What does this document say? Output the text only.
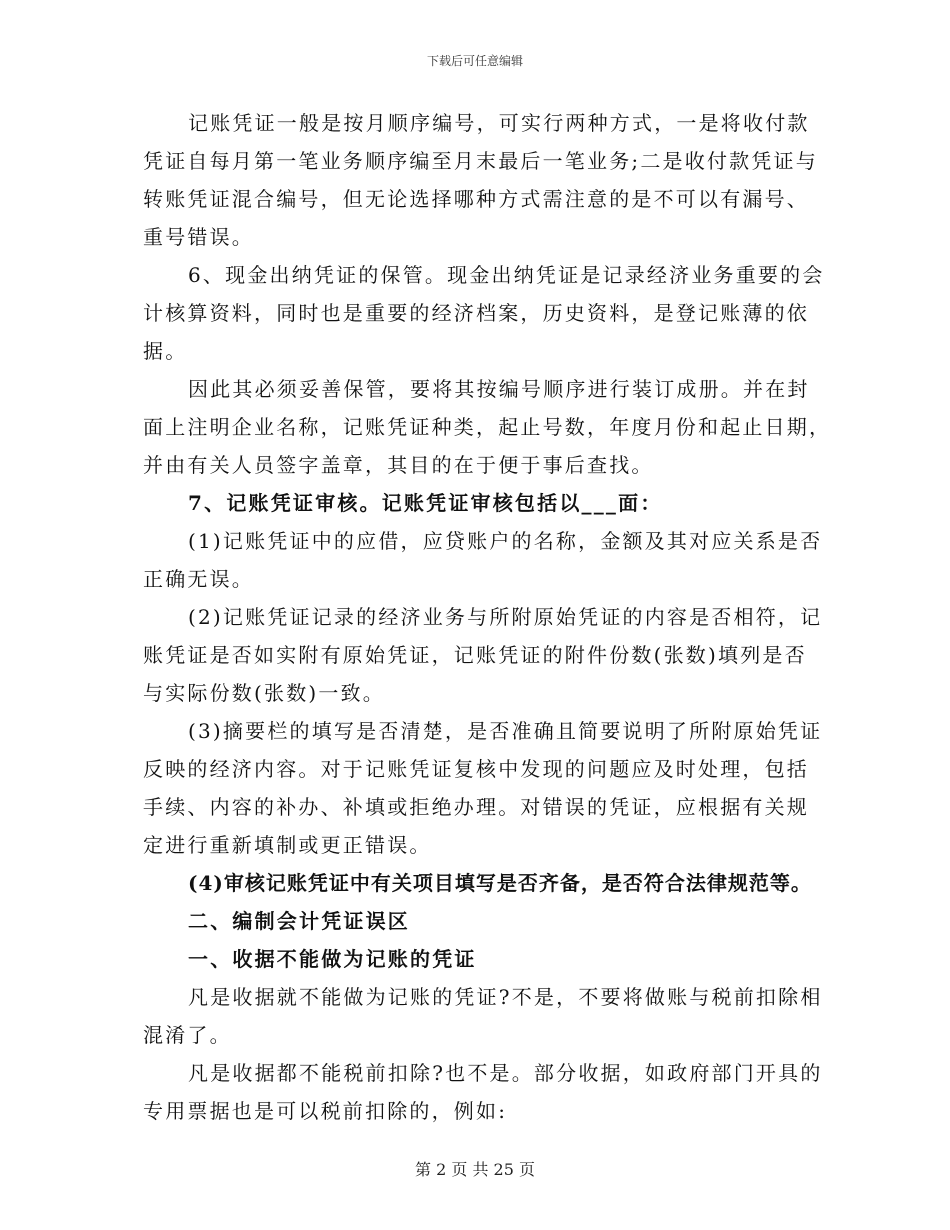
下载后可任意编辑
记账凭证一般是按月顺序编号，可实行两种方式，一是将收付款
凭证自每月第一笔业务顺序编至月末最后一笔业务;二是收付款凭证与
转账凭证混合编号，但无论选择哪种方式需注意的是不可以有漏号、
重号错误。
6、现金出纳凭证的保管。现金出纳凭证是记录经济业务重要的会
计核算资料，同时也是重要的经济档案，历史资料，是登记账薄的依
据。
因此其必须妥善保管，要将其按编号顺序进行装订成册。并在封
面上注明企业名称，记账凭证种类，起止号数，年度月份和起止日期，
并由有关人员签字盖章，其目的在于便于事后查找。
7、记账凭证审核。记账凭证审核包括以___面：
(1)记账凭证中的应借，应贷账户的名称，金额及其对应关系是否
正确无误。
(2)记账凭证记录的经济业务与所附原始凭证的内容是否相符，记
账凭证是否如实附有原始凭证，记账凭证的附件份数(张数)填列是否
与实际份数(张数)一致。
(3)摘要栏的填写是否清楚，是否准确且简要说明了所附原始凭证
反映的经济内容。对于记账凭证复核中发现的问题应及时处理，包括
手续、内容的补办、补填或拒绝办理。对错误的凭证，应根据有关规
定进行重新填制或更正错误。
(4)审核记账凭证中有关项目填写是否齐备，是否符合法律规范等。
二、编制会计凭证误区
一、收据不能做为记账的凭证
凡是收据就不能做为记账的凭证?不是，不要将做账与税前扣除相
混淆了。
凡是收据都不能税前扣除?也不是。部分收据，如政府部门开具的
专用票据也是可以税前扣除的，例如:
第 2 页 共 25 页
